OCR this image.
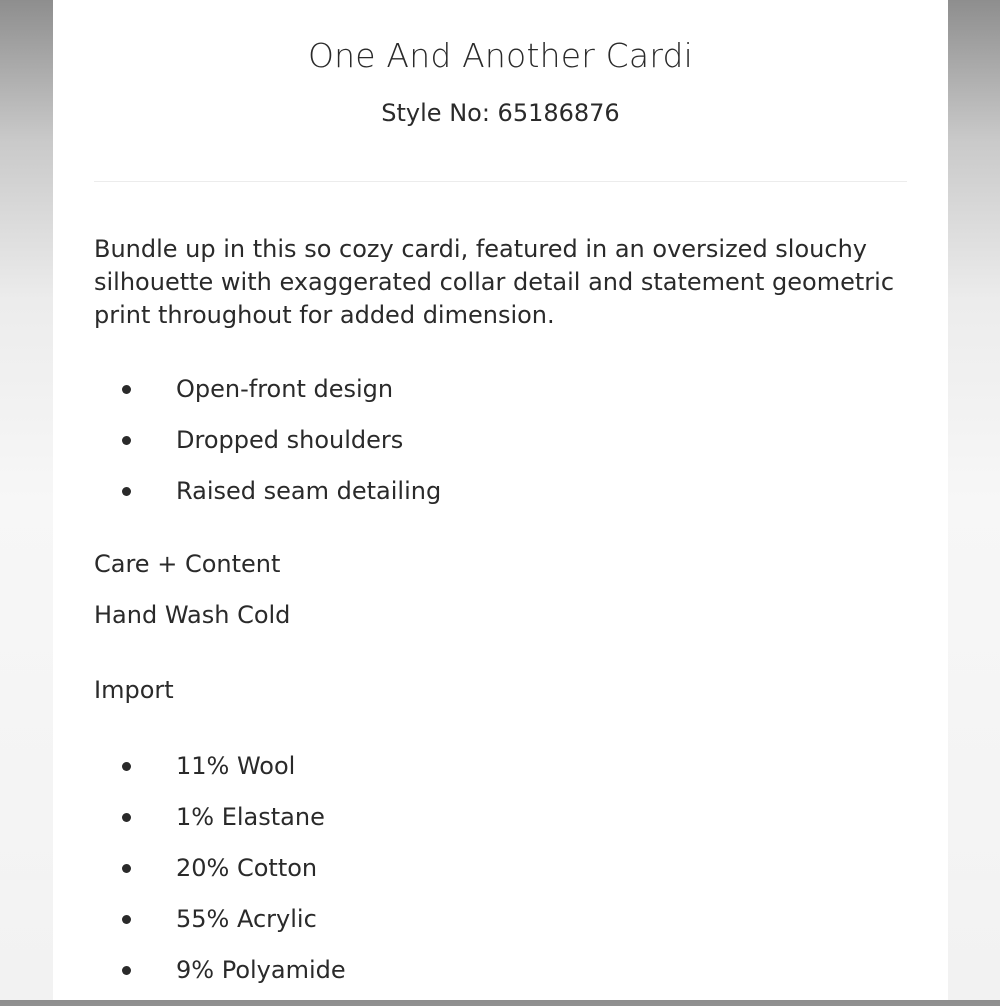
One And Another Cardi
Style No: 65186876
Bundle up in this so cozy cardi, featured in an oversized slouchy silhouette with exaggerated collar detail and statement geometric print throughout for added dimension.
Open-front design
Dropped shoulders
Raised seam detailing
Care + Content
Hand Wash Cold
Import
11% Wool
1% Elastane
20% Cotton
55% Acrylic
9% Polyamide
